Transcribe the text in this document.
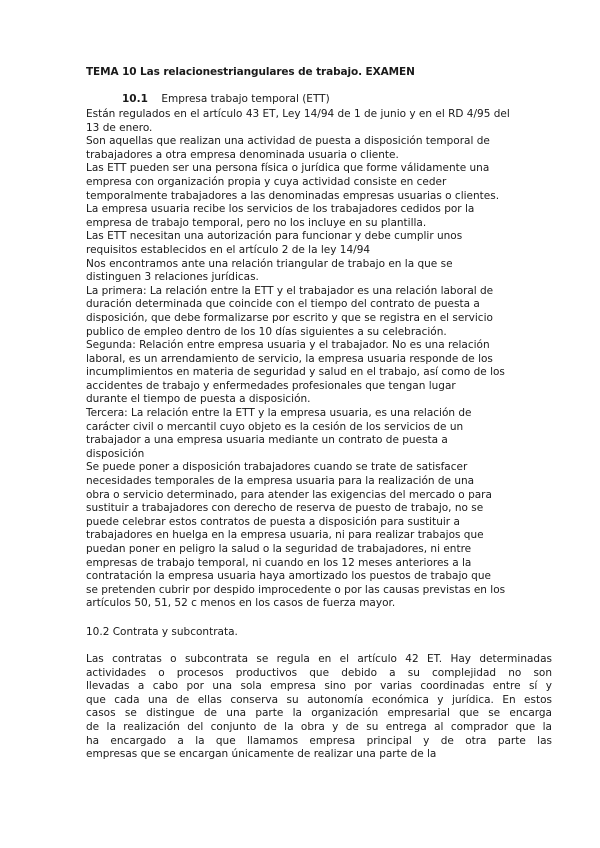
TEMA 10 Las relacionestriangulares de trabajo. EXAMEN
10.1 Empresa trabajo temporal (ETT)
Están regulados en el artículo 43 ET, Ley 14/94 de 1 de junio y en el RD 4/95 del
13 de enero.
Son aquellas que realizan una actividad de puesta a disposición temporal de
trabajadores a otra empresa denominada usuaria o cliente.
Las ETT pueden ser una persona física o jurídica que forme válidamente una
empresa con organización propia y cuya actividad consiste en ceder
temporalmente trabajadores a las denominadas empresas usuarias o clientes.
La empresa usuaria recibe los servicios de los trabajadores cedidos por la
empresa de trabajo temporal, pero no los incluye en su plantilla.
Las ETT necesitan una autorización para funcionar y debe cumplir unos
requisitos establecidos en el artículo 2 de la ley 14/94
Nos encontramos ante una relación triangular de trabajo en la que se
distinguen 3 relaciones jurídicas.
La primera: La relación entre la ETT y el trabajador es una relación laboral de
duración determinada que coincide con el tiempo del contrato de puesta a
disposición, que debe formalizarse por escrito y que se registra en el servicio
publico de empleo dentro de los 10 días siguientes a su celebración.
Segunda: Relación entre empresa usuaria y el trabajador. No es una relación
laboral, es un arrendamiento de servicio, la empresa usuaria responde de los
incumplimientos en materia de seguridad y salud en el trabajo, así como de los
accidentes de trabajo y enfermedades profesionales que tengan lugar
durante el tiempo de puesta a disposición.
Tercera: La relación entre la ETT y la empresa usuaria, es una relación de
carácter civil o mercantil cuyo objeto es la cesión de los servicios de un
trabajador a una empresa usuaria mediante un contrato de puesta a
disposición
Se puede poner a disposición trabajadores cuando se trate de satisfacer
necesidades temporales de la empresa usuaria para la realización de una
obra o servicio determinado, para atender las exigencias del mercado o para
sustituir a trabajadores con derecho de reserva de puesto de trabajo, no se
puede celebrar estos contratos de puesta a disposición para sustituir a
trabajadores en huelga en la empresa usuaria, ni para realizar trabajos que
puedan poner en peligro la salud o la seguridad de trabajadores, ni entre
empresas de trabajo temporal, ni cuando en los 12 meses anteriores a la
contratación la empresa usuaria haya amortizado los puestos de trabajo que
se pretenden cubrir por despido improcedente o por las causas previstas en los
artículos 50, 51, 52 c menos en los casos de fuerza mayor.
10.2 Contrata y subcontrata.
Las contratas o subcontrata se regula en el artículo 42 ET. Hay determinadas
actividades o procesos productivos que debido a su complejidad no son
llevadas a cabo por una sola empresa sino por varias coordinadas entre sí y
que cada una de ellas conserva su autonomía económica y jurídica. En estos
casos se distingue de una parte la organización empresarial que se encarga
de la realización del conjunto de la obra y de su entrega al comprador que la
ha encargado a la que llamamos empresa principal y de otra parte las
empresas que se encargan únicamente de realizar una parte de la
